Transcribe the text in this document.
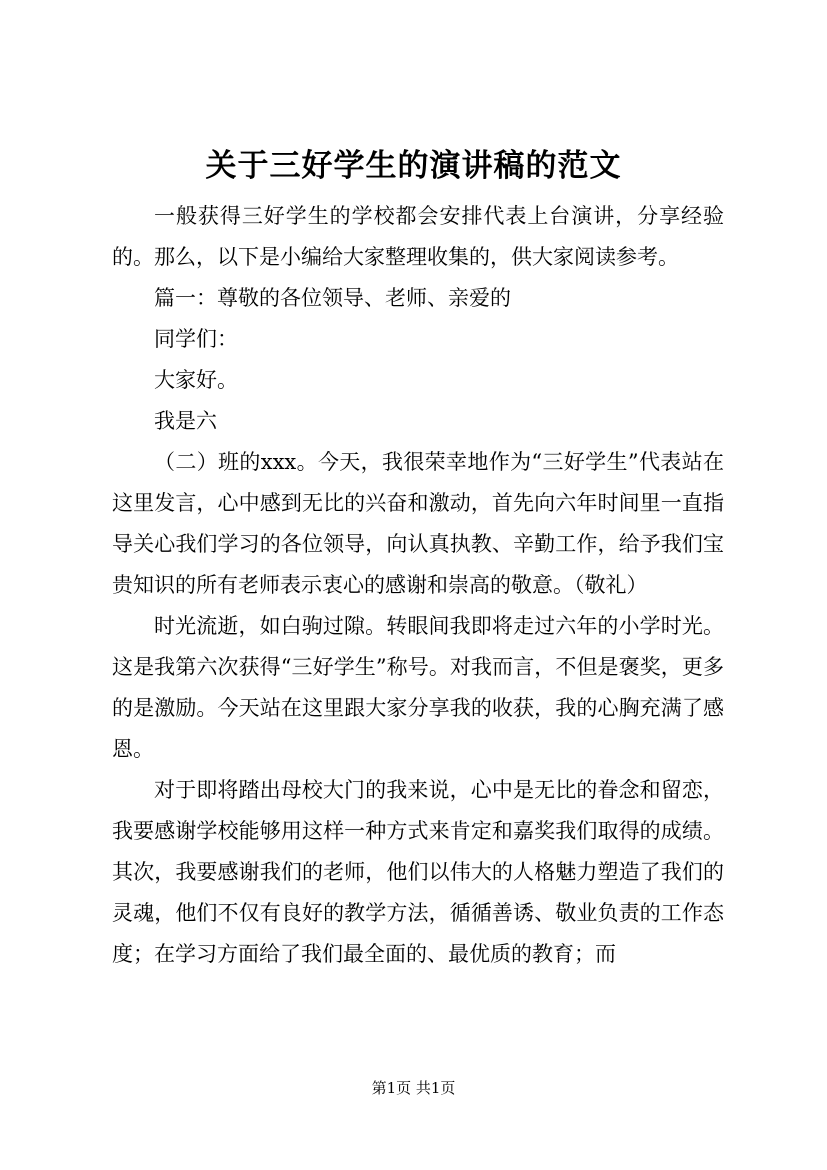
关于三好学生的演讲稿的范文

一般获得三好学生的学校都会安排代表上台演讲，分享经验的。那么，以下是小编给大家整理收集的，供大家阅读参考。

篇一：尊敬的各位领导、老师、亲爱的

同学们：

大家好。

我是六

（二）班的xxx。今天，我很荣幸地作为“三好学生”代表站在这里发言，心中感到无比的兴奋和激动，首先向六年时间里一直指导关心我们学习的各位领导，向认真执教、辛勤工作，给予我们宝贵知识的所有老师表示衷心的感谢和崇高的敬意。（敬礼）

时光流逝，如白驹过隙。转眼间我即将走过六年的小学时光。这是我第六次获得“三好学生”称号。对我而言，不但是褒奖，更多的是激励。今天站在这里跟大家分享我的收获，我的心胸充满了感恩。

对于即将踏出母校大门的我来说，心中是无比的眷念和留恋，我要感谢学校能够用这样一种方式来肯定和嘉奖我们取得的成绩。其次，我要感谢我们的老师，他们以伟大的人格魅力塑造了我们的灵魂，他们不仅有良好的教学方法，循循善诱、敬业负责的工作态度；在学习方面给了我们最全面的、最优质的教育；而

第1页 共1页
